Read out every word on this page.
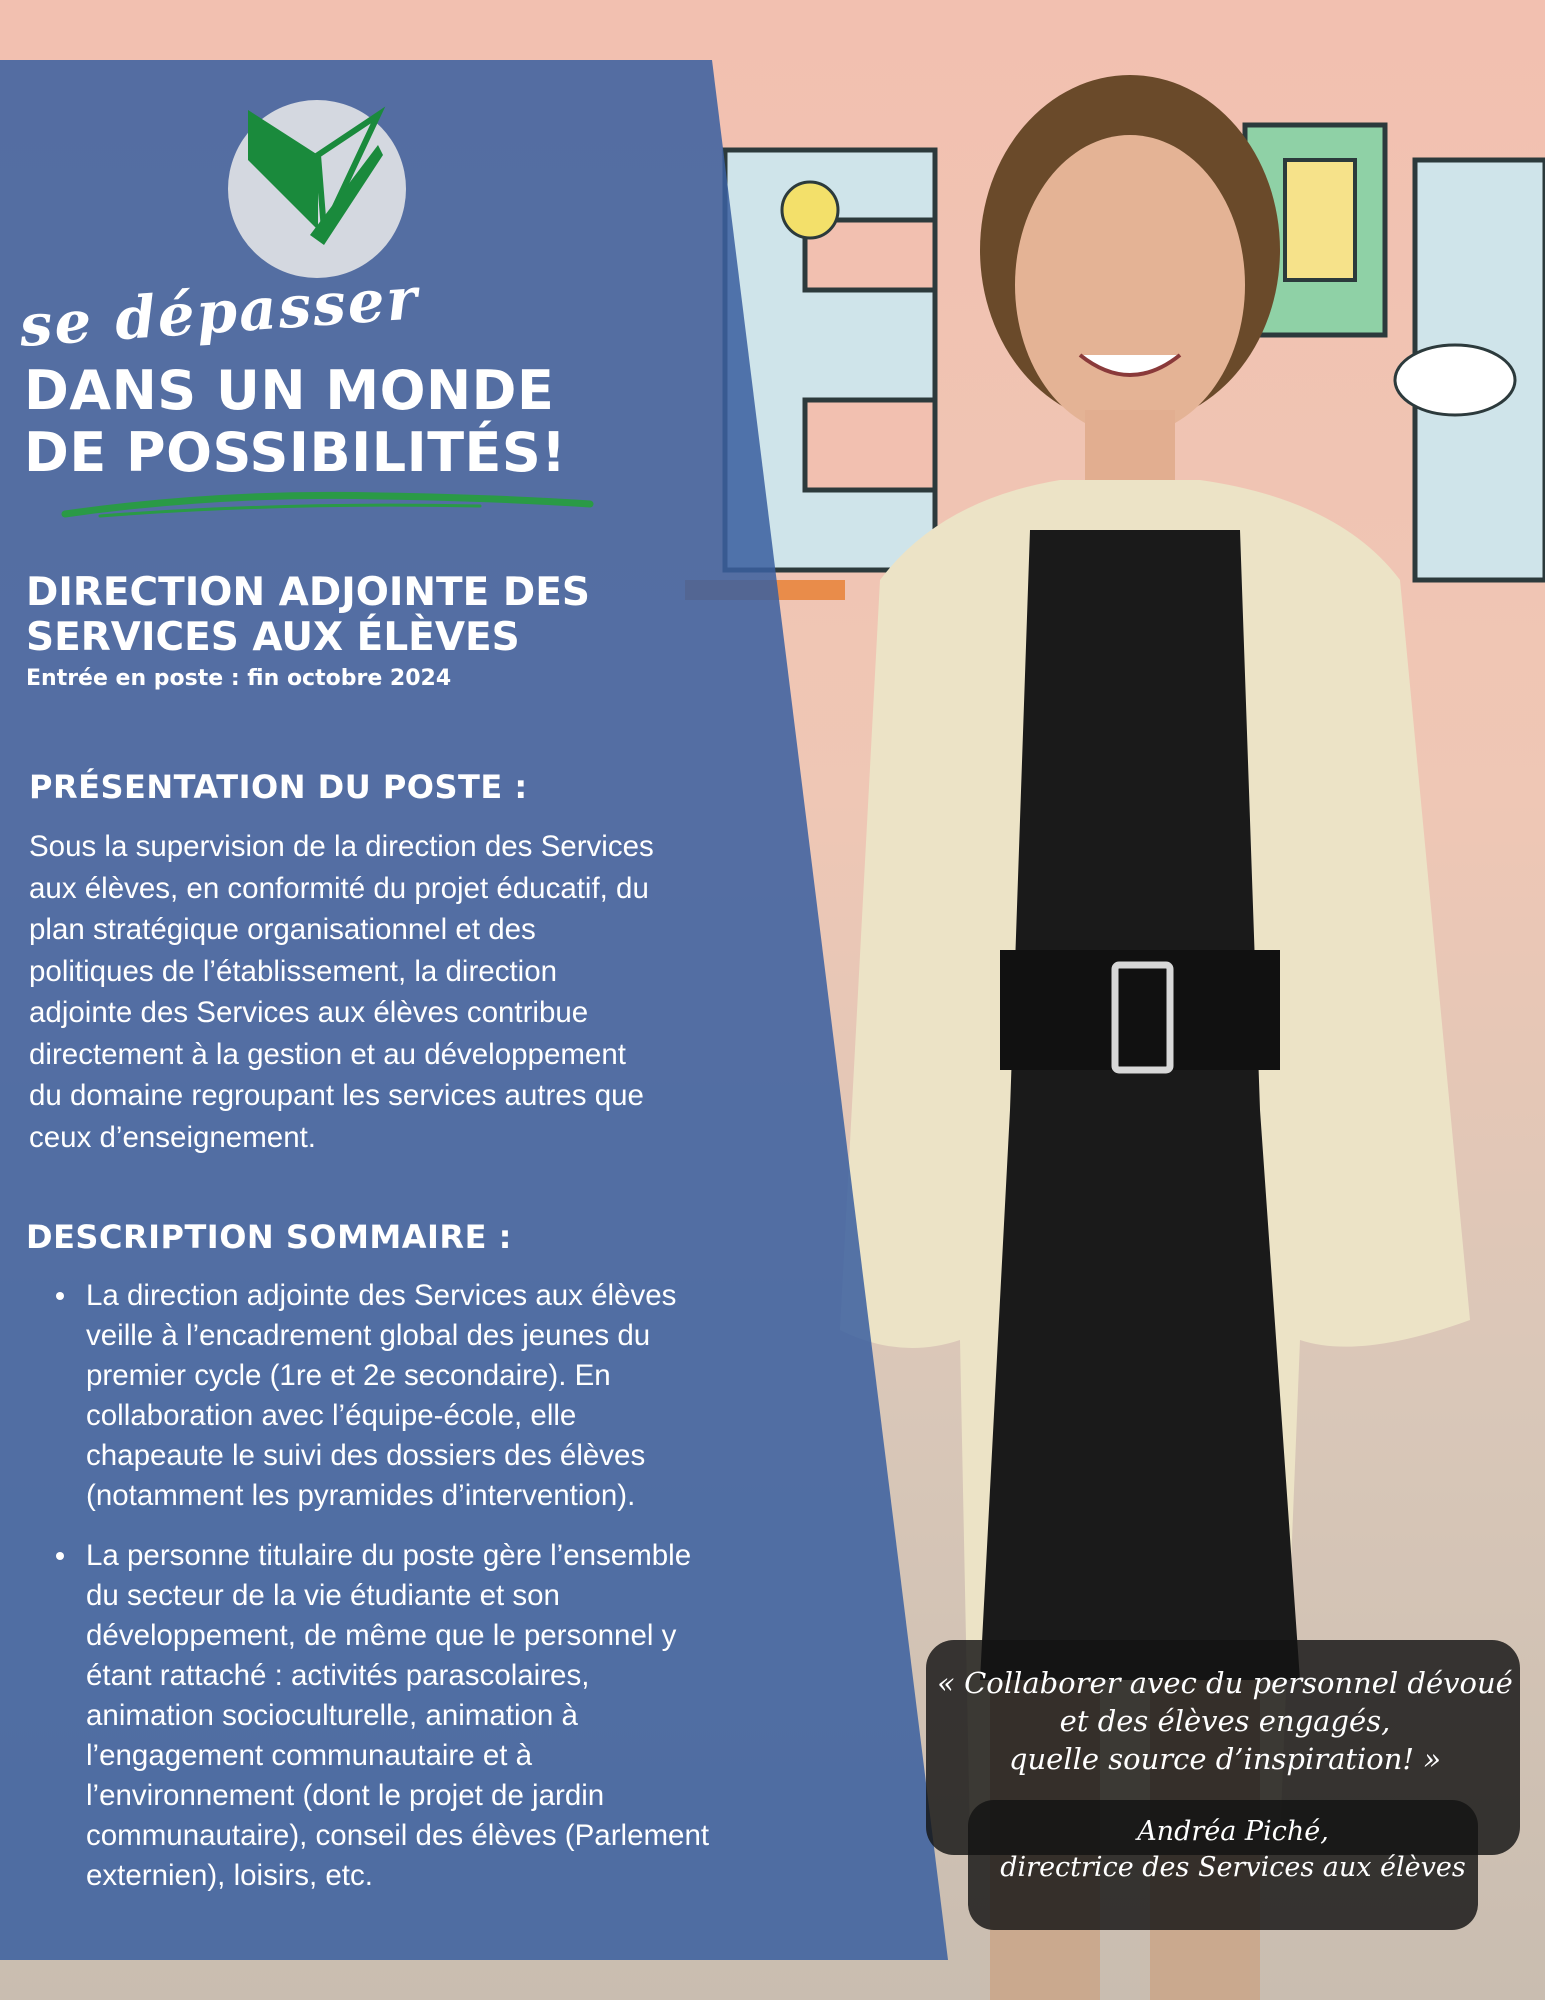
se dépasser
DANS UN MONDE
DE POSSIBILITÉS!
DIRECTION ADJOINTE DES
SERVICES AUX ÉLÈVES
Entrée en poste : fin octobre 2024
PRÉSENTATION DU POSTE :
Sous la supervision de la direction des Services
aux élèves, en conformité du projet éducatif, du
plan stratégique organisationnel et des
politiques de l’établissement, la direction
adjointe des Services aux élèves contribue
directement à la gestion et au développement
du domaine regroupant les services autres que
ceux d’enseignement.
DESCRIPTION SOMMAIRE :
La direction adjointe des Services aux élèves
veille à l’encadrement global des jeunes du
premier cycle (1re et 2e secondaire). En
collaboration avec l’équipe-école, elle
chapeaute le suivi des dossiers des élèves
(notamment les pyramides d’intervention).
La personne titulaire du poste gère l’ensemble
du secteur de la vie étudiante et son
développement, de même que le personnel y
étant rattaché : activités parascolaires,
animation socioculturelle, animation à
l’engagement communautaire et à
l’environnement (dont le projet de jardin
communautaire), conseil des élèves (Parlement
externien), loisirs, etc.
« Collaborer avec du personnel dévoué
et des élèves engagés,
quelle source d’inspiration! »
Andréa Piché,
directrice des Services aux élèves
